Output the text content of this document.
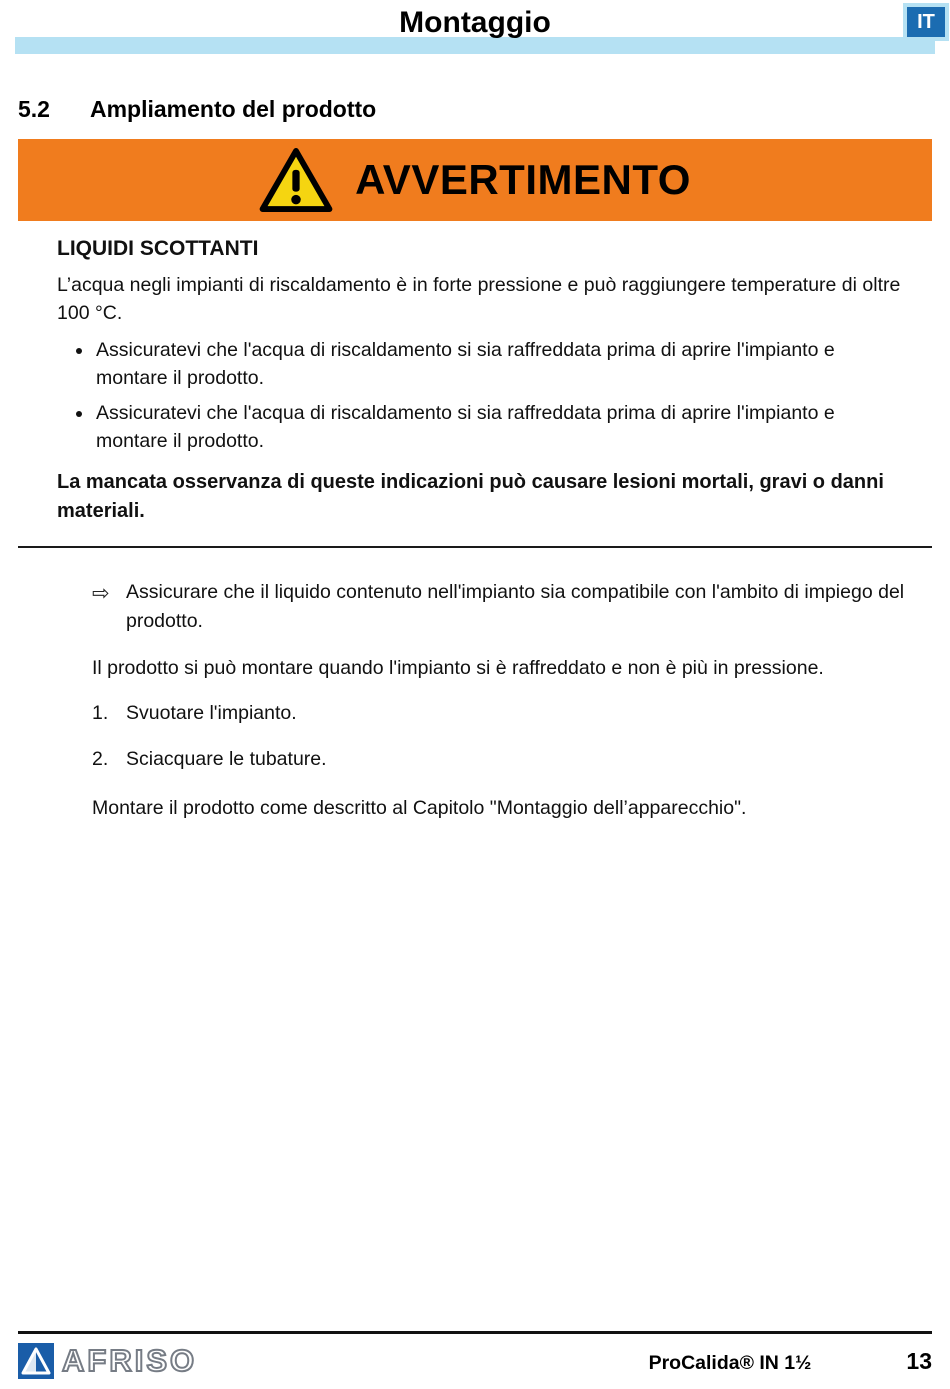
Montaggio	IT
5.2	Ampliamento del prodotto
AVVERTIMENTO
LIQUIDI SCOTTANTI
L’acqua negli impianti di riscaldamento è in forte pressione e può raggiungere temperature di oltre 100 °C.
• Assicuratevi che l'acqua di riscaldamento si sia raffreddata prima di aprire l'impianto e montare il prodotto.
• Assicuratevi che l'acqua di riscaldamento si sia raffreddata prima di aprire l'impianto e montare il prodotto.
La mancata osservanza di queste indicazioni può causare lesioni mortali, gravi o danni materiali.
⇨ Assicurare che il liquido contenuto nell'impianto sia compatibile con l'ambito di impiego del prodotto.
Il prodotto si può montare quando l'impianto si è raffreddato e non è più in pressione.
1. Svuotare l'impianto.
2. Sciacquare le tubature.
Montare il prodotto come descritto al Capitolo "Montaggio dell’apparecchio".
AFRISO	ProCalida® IN 1½	13
